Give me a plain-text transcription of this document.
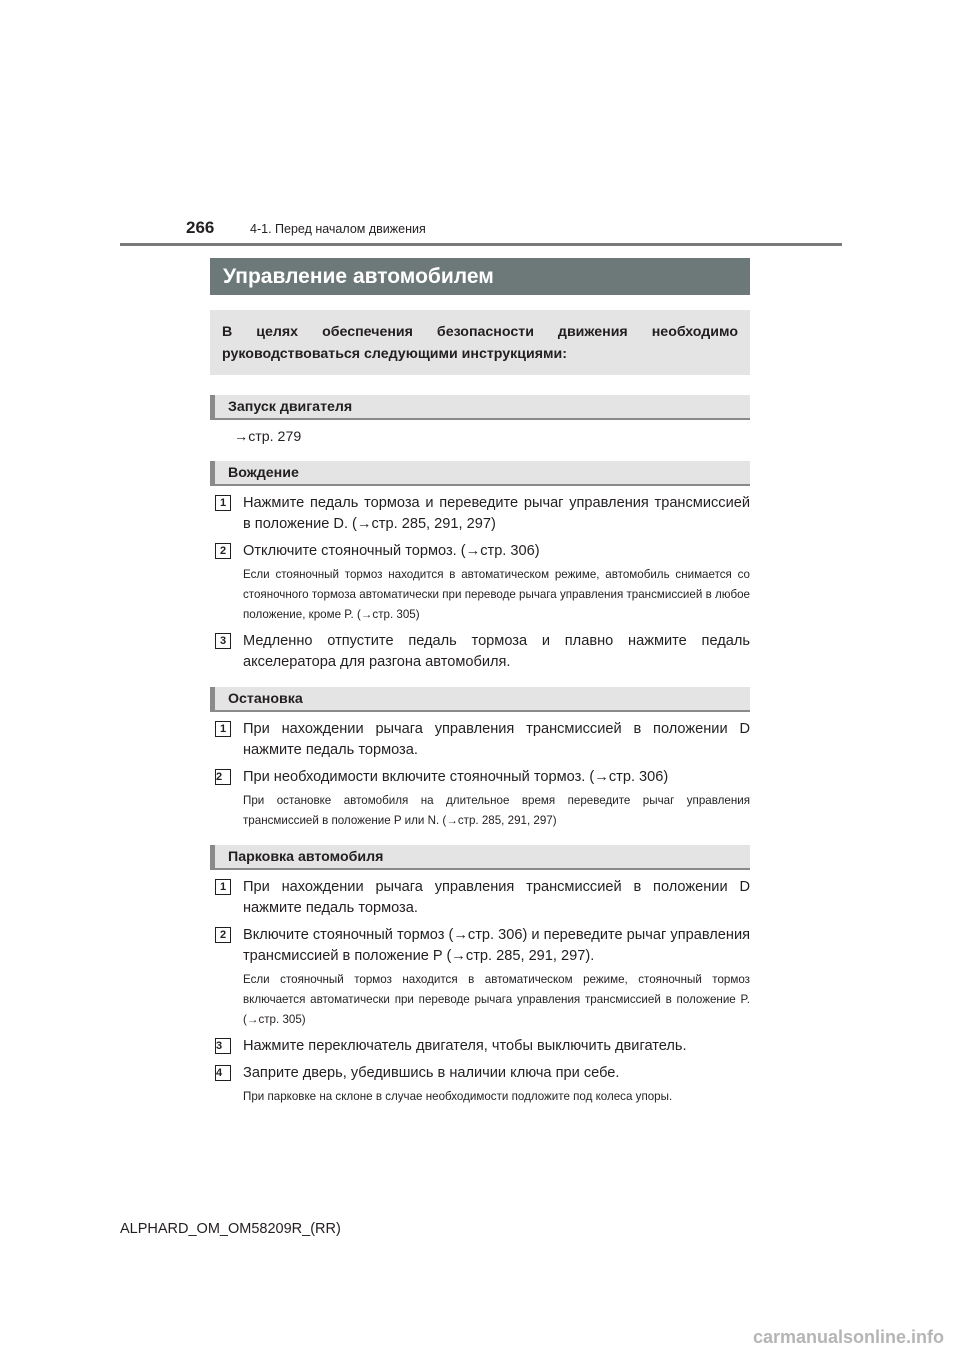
266	4-1. Перед началом движения
Управление автомобилем
В целях обеспечения безопасности движения необходимо руководствоваться следующими инструкциями:
Запуск двигателя
→стр. 279
Вождение
1	Нажмите педаль тормоза и переведите рычаг управления трансмиссией в положение D. (→стр. 285, 291, 297)
2	Отключите стояночный тормоз. (→стр. 306)
Если стояночный тормоз находится в автоматическом режиме, автомобиль снимается со стояночного тормоза автоматически при переводе рычага управления трансмиссией в любое положение, кроме P. (→стр. 305)
3	Медленно отпустите педаль тормоза и плавно нажмите педаль акселератора для разгона автомобиля.
Остановка
1	При нахождении рычага управления трансмиссией в положении D нажмите педаль тормоза.
2	При необходимости включите стояночный тормоз. (→стр. 306)
При остановке автомобиля на длительное время переведите рычаг управления трансмиссией в положение P или N. (→стр. 285, 291, 297)
Парковка автомобиля
1	При нахождении рычага управления трансмиссией в положении D нажмите педаль тормоза.
2	Включите стояночный тормоз (→стр. 306) и переведите рычаг управления трансмиссией в положение P (→стр. 285, 291, 297).
Если стояночный тормоз находится в автоматическом режиме, стояночный тормоз включается автоматически при переводе рычага управления трансмиссией в положение P. (→стр. 305)
3	Нажмите переключатель двигателя, чтобы выключить двигатель.
4	Заприте дверь, убедившись в наличии ключа при себе.
При парковке на склоне в случае необходимости подложите под колеса упоры.
ALPHARD_OM_OM58209R_(RR)
carmanualsonline.info
